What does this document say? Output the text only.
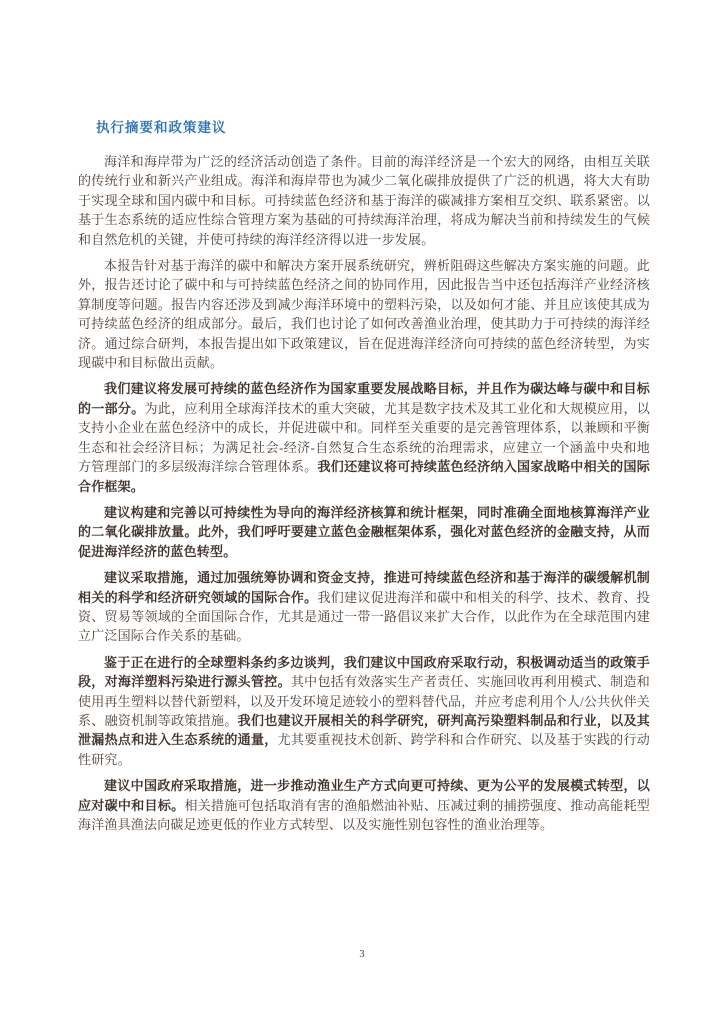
执行摘要和政策建议

海洋和海岸带为广泛的经济活动创造了条件。目前的海洋经济是一个宏大的网络，由相互关联的传统行业和新兴产业组成。海洋和海岸带也为减少二氧化碳排放提供了广泛的机遇，将大大有助于实现全球和国内碳中和目标。可持续蓝色经济和基于海洋的碳减排方案相互交织、联系紧密。以基于生态系统的适应性综合管理方案为基础的可持续海洋治理，将成为解决当前和持续发生的气候和自然危机的关键，并使可持续的海洋经济得以进一步发展。

本报告针对基于海洋的碳中和解决方案开展系统研究，辨析阻碍这些解决方案实施的问题。此外，报告还讨论了碳中和与可持续蓝色经济之间的协同作用，因此报告当中还包括海洋产业经济核算制度等问题。报告内容还涉及到减少海洋环境中的塑料污染，以及如何才能、并且应该使其成为可持续蓝色经济的组成部分。最后，我们也讨论了如何改善渔业治理，使其助力于可持续的海洋经济。通过综合研判，本报告提出如下政策建议，旨在促进海洋经济向可持续的蓝色经济转型，为实现碳中和目标做出贡献。

我们建议将发展可持续的蓝色经济作为国家重要发展战略目标，并且作为碳达峰与碳中和目标的一部分。为此，应利用全球海洋技术的重大突破，尤其是数字技术及其工业化和大规模应用，以支持小企业在蓝色经济中的成长，并促进碳中和。同样至关重要的是完善管理体系，以兼顾和平衡生态和社会经济目标；为满足社会-经济-自然复合生态系统的治理需求，应建立一个涵盖中央和地方管理部门的多层级海洋综合管理体系。我们还建议将可持续蓝色经济纳入国家战略中相关的国际合作框架。

建议构建和完善以可持续性为导向的海洋经济核算和统计框架，同时准确全面地核算海洋产业的二氧化碳排放量。此外，我们呼吁要建立蓝色金融框架体系，强化对蓝色经济的金融支持，从而促进海洋经济的蓝色转型。

建议采取措施，通过加强统筹协调和资金支持，推进可持续蓝色经济和基于海洋的碳缓解机制相关的科学和经济研究领域的国际合作。我们建议促进海洋和碳中和相关的科学、技术、教育、投资、贸易等领域的全面国际合作，尤其是通过一带一路倡议来扩大合作，以此作为在全球范围内建立广泛国际合作关系的基础。

鉴于正在进行的全球塑料条约多边谈判，我们建议中国政府采取行动，积极调动适当的政策手段，对海洋塑料污染进行源头管控。其中包括有效落实生产者责任、实施回收再利用模式、制造和使用再生塑料以替代新塑料，以及开发环境足迹较小的塑料替代品，并应考虑利用个人/公共伙伴关系、融资机制等政策措施。我们也建议开展相关的科学研究，研判高污染塑料制品和行业，以及其泄漏热点和进入生态系统的通量，尤其要重视技术创新、跨学科和合作研究、以及基于实践的行动性研究。

建议中国政府采取措施，进一步推动渔业生产方式向更可持续、更为公平的发展模式转型，以应对碳中和目标。相关措施可包括取消有害的渔船燃油补贴、压减过剩的捕捞强度、推动高能耗型海洋渔具渔法向碳足迹更低的作业方式转型、以及实施性别包容性的渔业治理等。

3
